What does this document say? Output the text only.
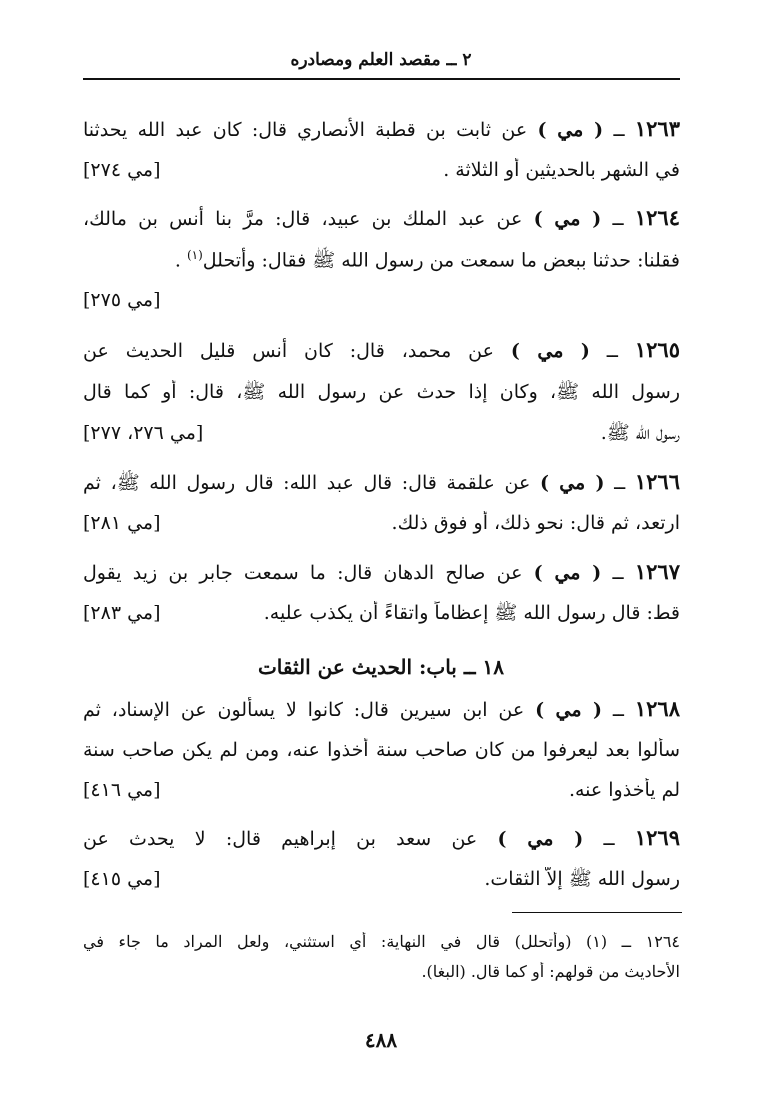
٢ ــ مقصد العلم ومصادره
١٢٦٣ ــ ( مي ) عن ثابت بن قطبة الأنصاري قال: كان عبد الله يحدثنا
في الشهر بالحديثين أو الثلاثة .
[مي ٢٧٤]
١٢٦٤ ــ ( مي ) عن عبد الملك بن عبيد، قال: مرَّ بنا أنس بن مالك،
فقلنا: حدثنا ببعض ما سمعت من رسول الله ﷺ فقال: وأتحلل$^{(١)}$ .
[مي ٢٧٥]
١٢٦٥ ــ ( مي ) عن محمد، قال: كان أنس قليل الحديث عن
رسول الله ﷺ، وكان إذا حدث عن رسول الله ﷺ، قال: أو كما قال
رسول الله ﷺ.
[مي ٢٧٦، ٢٧٧]
١٢٦٦ ــ ( مي ) عن علقمة قال: قال عبد الله: قال رسول الله ﷺ، ثم
ارتعد، ثم قال: نحو ذلك، أو فوق ذلك.
[مي ٢٨١]
١٢٦٧ ــ ( مي ) عن صالح الدهان قال: ما سمعت جابر بن زيد يقول
قط: قال رسول الله ﷺ إعظاماً واتقاءً أن يكذب عليه.
[مي ٢٨٣]
١٨ ــ باب: الحديث عن الثقات
١٢٦٨ ــ ( مي ) عن ابن سيرين قال: كانوا لا يسألون عن الإسناد، ثم
سألوا بعد ليعرفوا من كان صاحب سنة أخذوا عنه، ومن لم يكن صاحب سنة
لم يأخذوا عنه.
[مي ٤١٦]
١٢٦٩ ــ ( مي ) عن سعد بن إبراهيم قال: لا يحدث عن
رسول الله ﷺ إلاّ الثقات.
[مي ٤١٥]
١٢٦٤ ــ (١) (وأتحلل) قال في النهاية: أي استثني، ولعل المراد ما جاء في
الأحاديث من قولهم: أو كما قال. (البغا).
٤٨٨
